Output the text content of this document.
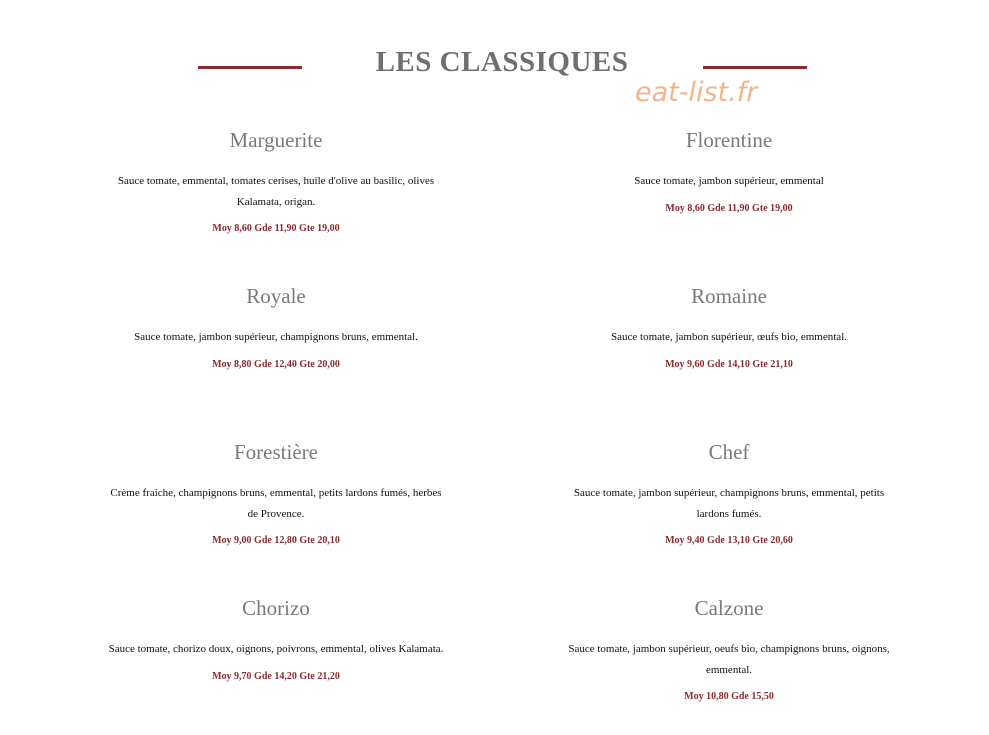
LES CLASSIQUES
eat-list.fr

Marguerite

Sauce tomate, emmental, tomates cerises, huile d'olive au basilic, olives Kalamata, origan.

Moy 8,60 Gde 11,90 Gte 19,00

Florentine

Sauce tomate, jambon supérieur, emmental

Moy 8,60 Gde 11,90 Gte 19,00

Royale

Sauce tomate, jambon supérieur, champignons bruns, emmental.

Moy 8,80 Gde 12,40 Gte 20,00

Romaine

Sauce tomate, jambon supérieur, œufs bio, emmental.

Moy 9,60 Gde 14,10 Gte 21,10

Forestière

Crème fraiche, champignons bruns, emmental, petits lardons fumés, herbes de Provence.

Moy 9,00 Gde 12,80 Gte 20,10

Chef

Sauce tomate, jambon supérieur, champignons bruns, emmental, petits lardons fumés.

Moy 9,40 Gde 13,10 Gte 20,60

Chorizo

Sauce tomate, chorizo doux, oignons, poivrons, emmental, olives Kalamata.

Moy 9,70 Gde 14,20 Gte 21,20

Calzone

Sauce tomate, jambon supérieur, oeufs bio, champignons bruns, oignons, emmental.

Moy 10,80 Gde 15,50
